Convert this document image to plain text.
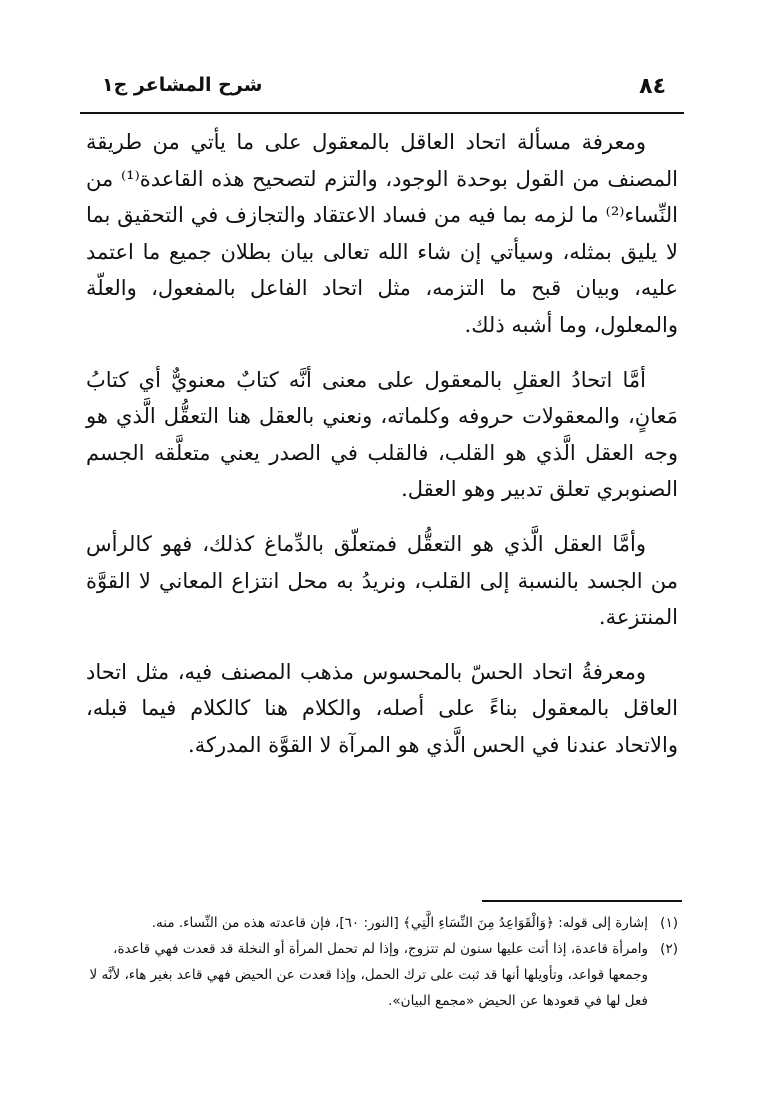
٨٤
شرح المشاعر ج١

ومعرفة مسألة اتحاد العاقل بالمعقول على ما يأتي من طريقة المصنف من القول بوحدة الوجود، والتزم لتصحيح هذه القاعدة⁽¹⁾ من النِّساء⁽²⁾ ما لزمه بما فيه من فساد الاعتقاد والتجازف في التحقيق بما لا يليق بمثله، وسيأتي إن شاء الله تعالى بيان بطلان جميع ما اعتمد عليه، وبيان قبح ما التزمه، مثل اتحاد الفاعل بالمفعول، والعلّة والمعلول، وما أشبه ذلك.

أمَّا اتحادُ العقلِ بالمعقول على معنى أنَّه كتابٌ معنويٌّ أي كتابُ مَعانٍ، والمعقولات حروفه وكلماته، ونعني بالعقل هنا التعقُّل الَّذي هو وجه العقل الَّذي هو القلب، فالقلب في الصدر يعني متعلَّقه الجسم الصنوبري تعلق تدبير وهو العقل.

وأمَّا العقل الَّذي هو التعقُّل فمتعلّق بالدِّماغ كذلك، فهو كالرأس من الجسد بالنسبة إلى القلب، ونريدُ به محل انتزاع المعاني لا القوَّة المنتزعة.

ومعرفةُ اتحاد الحسّ بالمحسوس مذهب المصنف فيه، مثل اتحاد العاقل بالمعقول بناءً على أصله، والكلام هنا كالكلام فيما قبله، والاتحاد عندنا في الحس الَّذي هو المرآة لا القوَّة المدركة.

(١)
إشارة إلى قوله: ﴿وَالْقَوَاعِدُ مِنَ النِّسَاءِ الَّتِي﴾ [النور: ٦٠]، فإن قاعدته هذه من النِّساء. منه.

(٢)
وامرأة قاعدة، إذا أتت عليها سنون لم تتزوج، وإذا لم تحمل المرأة أو النخلة قد قعدت فهي قاعدة، وجمعها قواعد، وتأويلها أنها قد ثبت على ترك الحمل، وإذا قعدت عن الحيض فهي قاعد بغير هاء، لأنَّه لا فعل لها في قعودها عن الحيض «مجمع البيان».
